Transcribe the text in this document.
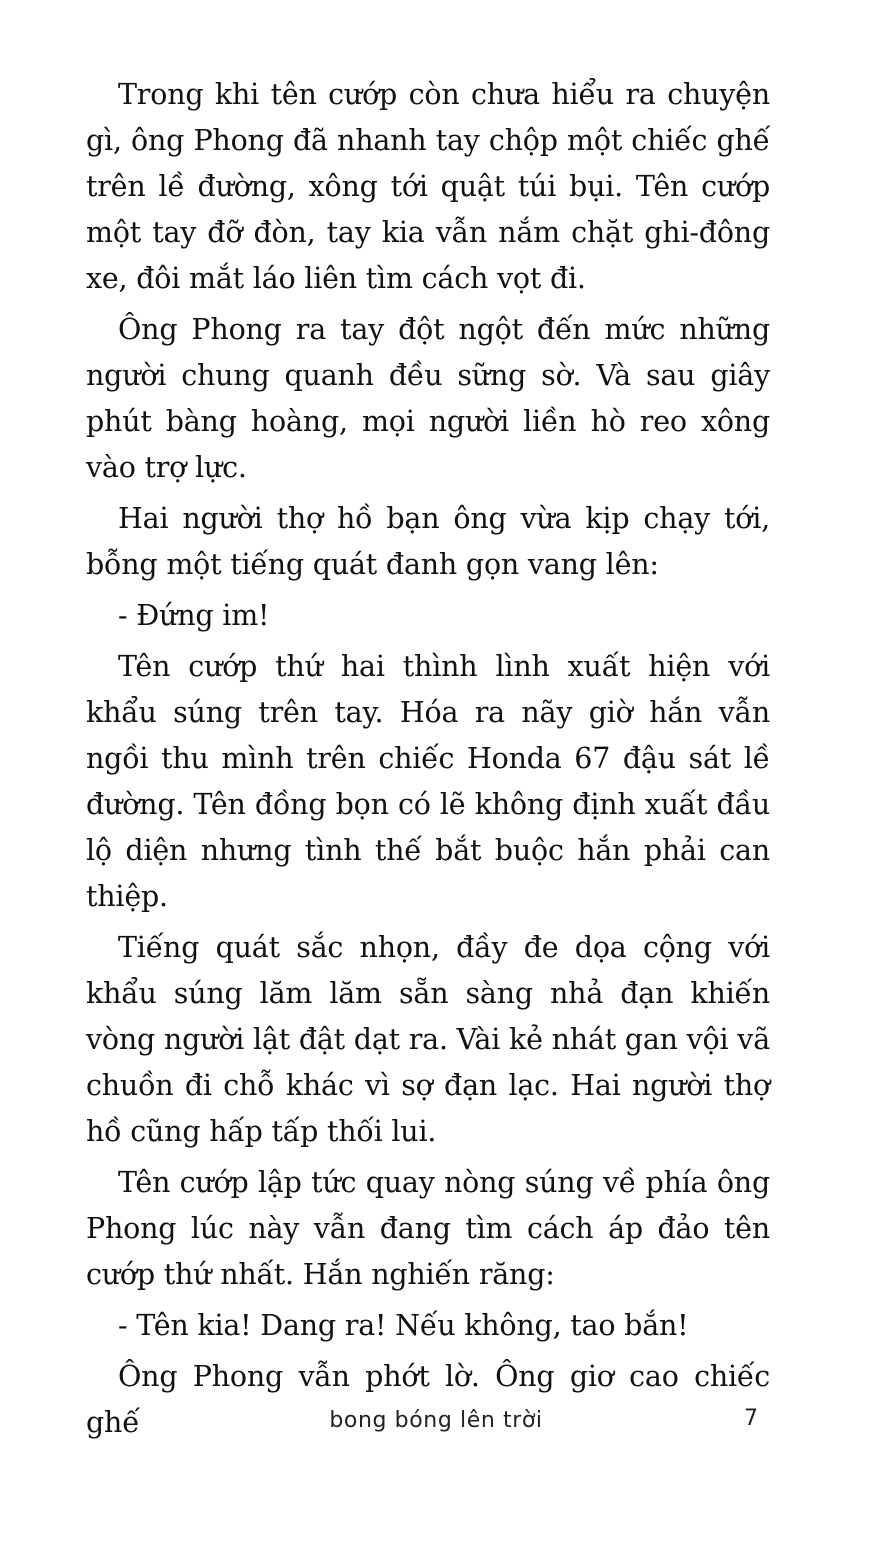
Trong khi tên cướp còn chưa hiểu ra chuyện gì, ông Phong đã nhanh tay chộp một chiếc ghế trên lề đường, xông tới quật túi bụi. Tên cướp một tay đỡ đòn, tay kia vẫn nắm chặt ghi-đông xe, đôi mắt láo liên tìm cách vọt đi.

Ông Phong ra tay đột ngột đến mức những người chung quanh đều sững sờ. Và sau giây phút bàng hoàng, mọi người liền hò reo xông vào trợ lực.

Hai người thợ hồ bạn ông vừa kịp chạy tới, bỗng một tiếng quát đanh gọn vang lên:

- Đứng im!

Tên cướp thứ hai thình lình xuất hiện với khẩu súng trên tay. Hóa ra nãy giờ hắn vẫn ngồi thu mình trên chiếc Honda 67 đậu sát lề đường. Tên đồng bọn có lẽ không định xuất đầu lộ diện nhưng tình thế bắt buộc hắn phải can thiệp.

Tiếng quát sắc nhọn, đầy đe dọa cộng với khẩu súng lăm lăm sẵn sàng nhả đạn khiến vòng người lật đật dạt ra. Vài kẻ nhát gan vội vã chuồn đi chỗ khác vì sợ đạn lạc. Hai người thợ hồ cũng hấp tấp thối lui.

Tên cướp lập tức quay nòng súng về phía ông Phong lúc này vẫn đang tìm cách áp đảo tên cướp thứ nhất. Hắn nghiến răng:

- Tên kia! Dang ra! Nếu không, tao bắn!

Ông Phong vẫn phớt lờ. Ông giơ cao chiếc ghế	bong bóng lên trời	7
